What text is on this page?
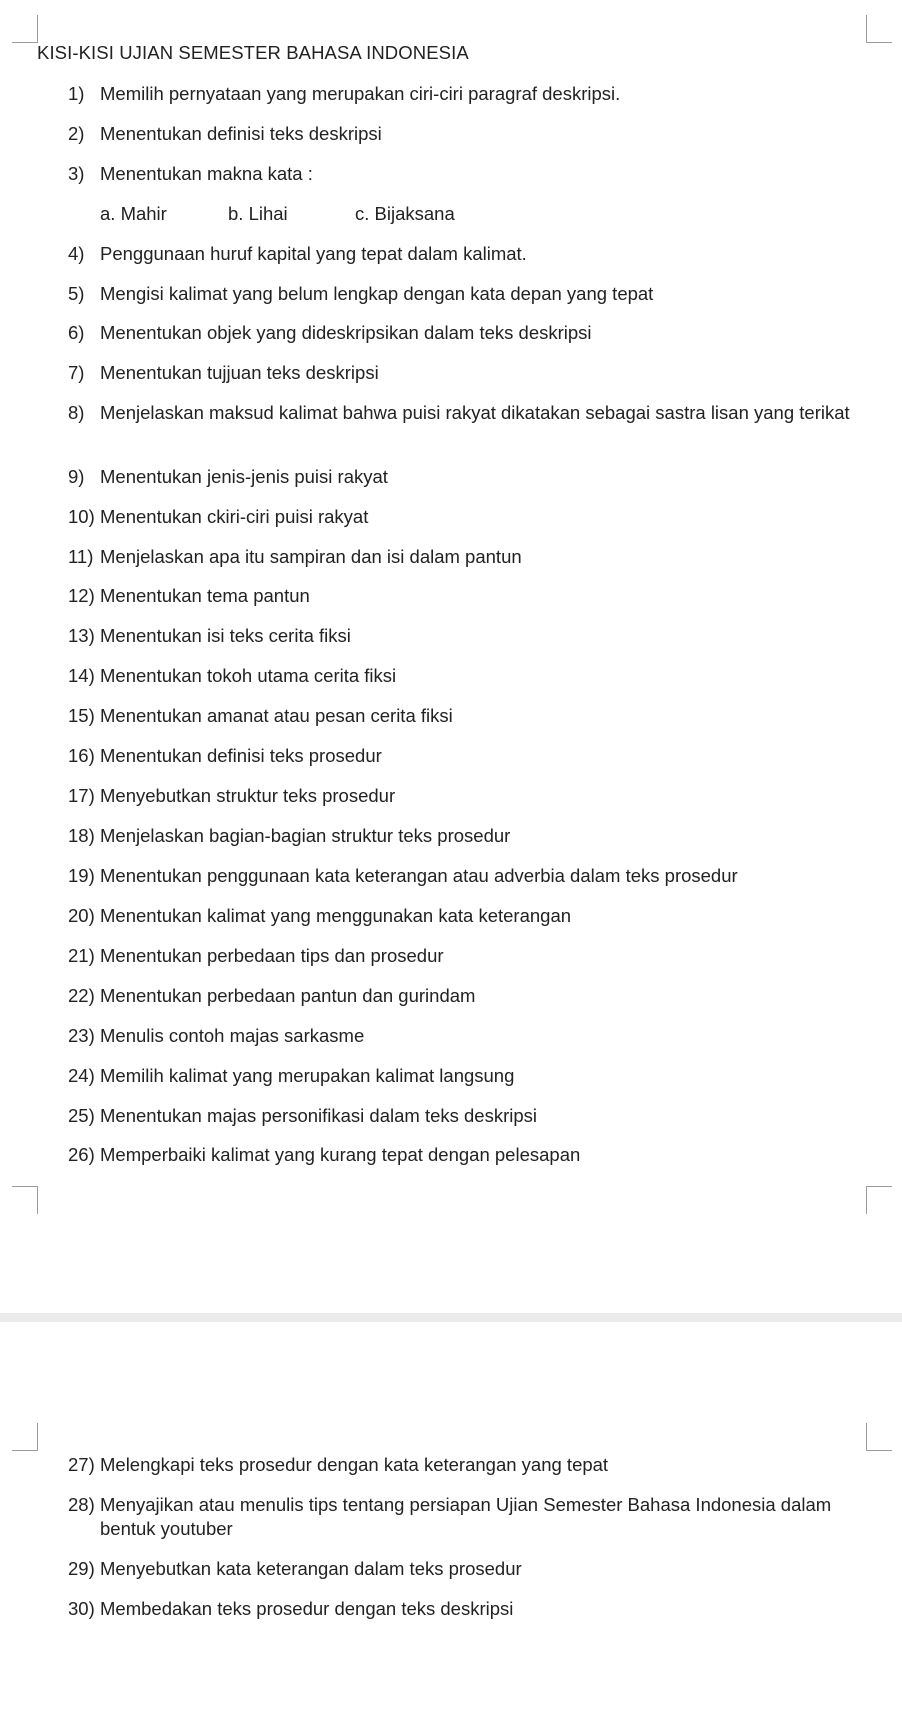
KISI-KISI UJIAN SEMESTER BAHASA INDONESIA
1) Memilih pernyataan yang merupakan ciri-ciri paragraf deskripsi.
2) Menentukan definisi teks deskripsi
3) Menentukan makna kata :
a. Mahir	b. Lihai	c. Bijaksana
4) Penggunaan huruf kapital yang tepat dalam kalimat.
5) Mengisi kalimat yang belum lengkap dengan kata depan yang tepat
6) Menentukan objek yang dideskripsikan dalam teks deskripsi
7) Menentukan tujjuan teks deskripsi
8) Menjelaskan maksud kalimat bahwa puisi rakyat dikatakan sebagai sastra lisan yang terikat
9) Menentukan jenis-jenis puisi rakyat
10) Menentukan ckiri-ciri puisi rakyat
11) Menjelaskan apa itu sampiran dan isi dalam pantun
12) Menentukan tema pantun
13) Menentukan isi teks cerita fiksi
14) Menentukan tokoh utama cerita fiksi
15) Menentukan amanat atau pesan cerita fiksi
16) Menentukan definisi teks prosedur
17) Menyebutkan struktur teks prosedur
18) Menjelaskan bagian-bagian struktur teks prosedur
19) Menentukan penggunaan kata keterangan atau adverbia dalam teks prosedur
20) Menentukan kalimat yang menggunakan kata keterangan
21) Menentukan perbedaan tips dan prosedur
22) Menentukan perbedaan pantun dan gurindam
23) Menulis contoh majas sarkasme
24) Memilih kalimat yang merupakan kalimat langsung
25) Menentukan majas personifikasi dalam teks deskripsi
26) Memperbaiki kalimat yang kurang tepat dengan pelesapan
27) Melengkapi teks prosedur dengan kata keterangan yang tepat
28) Menyajikan atau menulis tips tentang persiapan Ujian Semester Bahasa Indonesia dalam bentuk youtuber
29) Menyebutkan kata keterangan dalam teks prosedur
30) Membedakan teks prosedur dengan teks deskripsi
